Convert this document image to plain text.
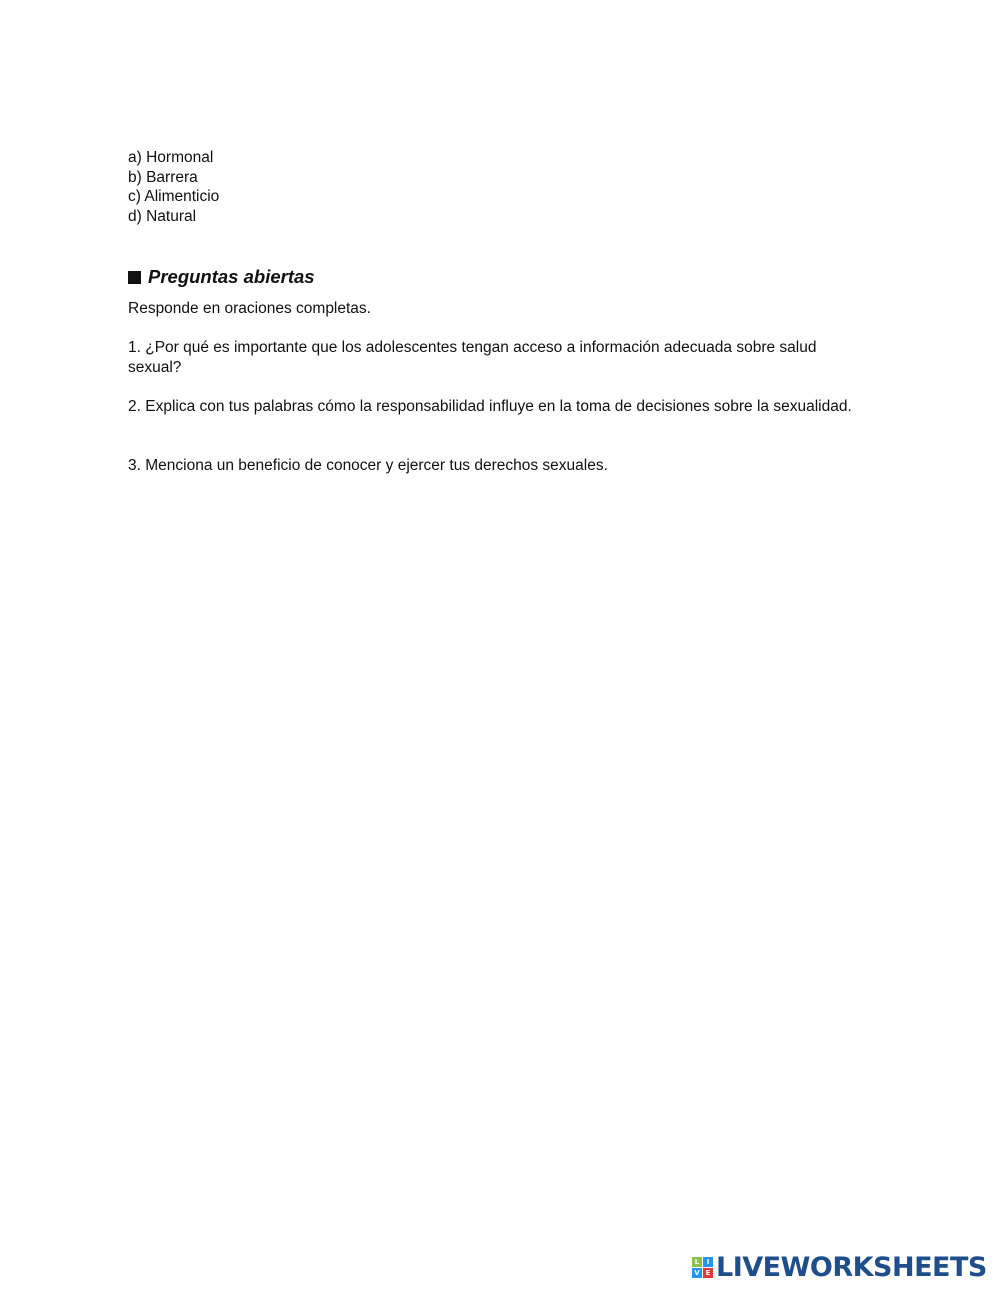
a) Hormonal
b) Barrera
c) Alimenticio
d) Natural
Preguntas abiertas
Responde en oraciones completas.
1. ¿Por qué es importante que los adolescentes tengan acceso a información adecuada sobre salud sexual?
2. Explica con tus palabras cómo la responsabilidad influye en la toma de decisiones sobre la sexualidad.
3. Menciona un beneficio de conocer y ejercer tus derechos sexuales.
L	I
V E LIVEWORKSHEETS
